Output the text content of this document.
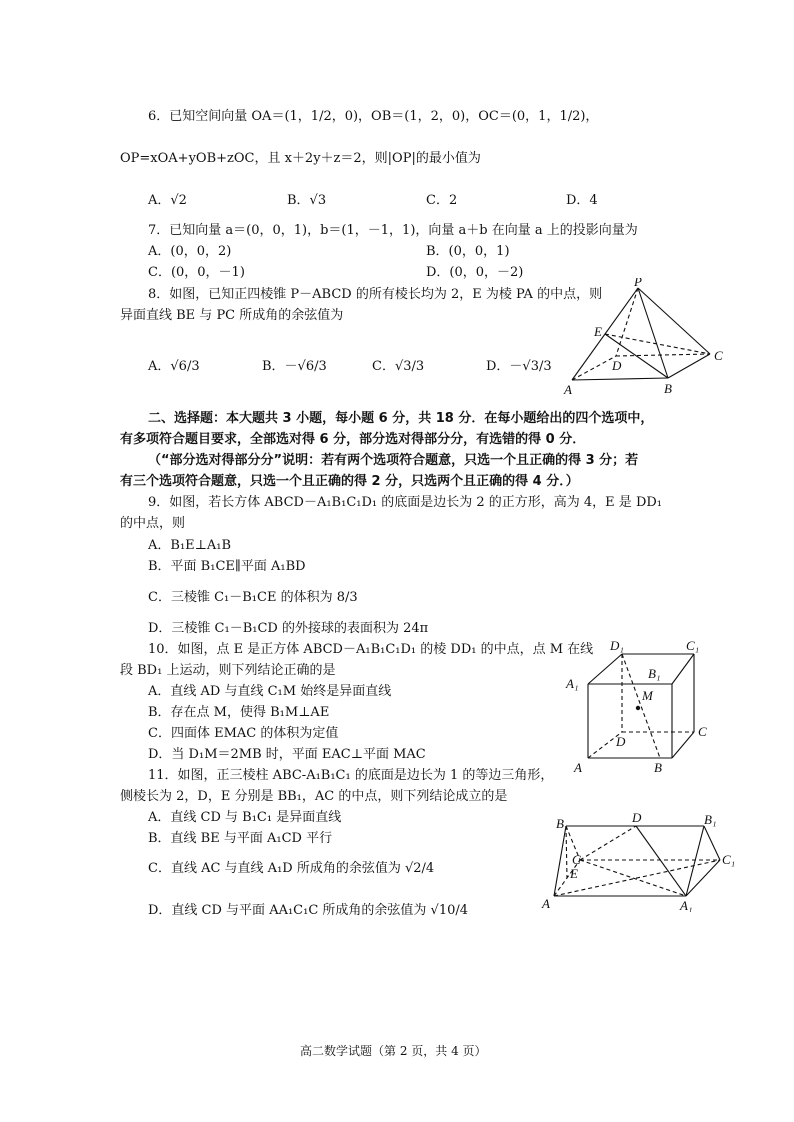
6．已知空间向量 OA＝(1，1/2，0)，OB＝(1，2，0)，OC＝(0，1，1/2)，
OP=xOA+yOB+zOC，且 x＋2y＋z＝2，则|OP|的最小值为
A．√2	B．√3	C．2	D．4
7．已知向量 a＝(0，0，1)，b＝(1，－1，1)，向量 a＋b 在向量 a 上的投影向量为
A．(0，0，2)	B．(0，0，1)
C．(0，0，－1)	D．(0，0，－2)
8．如图，已知正四棱锥 P－ABCD 的所有棱长均为 2，E 为棱 PA 的中点，则
异面直线 BE 与 PC 所成角的余弦值为
A．√6/3	B．－√6/3	C．√3/3	D．－√3/3
P
E
C
D
A	B
二、选择题：本大题共 3 小题，每小题 6 分，共 18 分．在每小题给出的四个选项中，
有多项符合题目要求，全部选对得 6 分，部分选对得部分分，有选错的得 0 分．
（“部分选对得部分分”说明：若有两个选项符合题意，只选一个且正确的得 3 分；若
有三个选项符合题意，只选一个且正确的得 2 分，只选两个且正确的得 4 分．）
9．如图，若长方体 ABCD－A₁B₁C₁D₁ 的底面是边长为 2 的正方形，高为 4，E 是 DD₁
的中点，则
A．B₁E⊥A₁B
B．平面 B₁CE∥平面 A₁BD
C．三棱锥 C₁－B₁CE 的体积为 8/3
D．三棱锥 C₁－B₁CD 的外接球的表面积为 24π
10．如图，点 E 是正方体 ABCD－A₁B₁C₁D₁ 的棱 DD₁ 的中点，点 M 在线
段 BD₁ 上运动，则下列结论正确的是
A．直线 AD 与直线 C₁M 始终是异面直线
B．存在点 M，使得 B₁M⊥AE
C．四面体 EMAC 的体积为定值
D．当 D₁M＝2MB 时，平面 EAC⊥平面 MAC
D₁	C₁
B₁
A₁
M
D
C
A	B
11．如图，正三棱柱 ABC-A₁B₁C₁ 的底面是边长为 1 的等边三角形，
侧棱长为 2，D，E 分别是 BB₁，AC 的中点，则下列结论成立的是
A．直线 CD 与 B₁C₁ 是异面直线
B．直线 BE 与平面 A₁CD 平行
C．直线 AC 与直线 A₁D 所成角的余弦值为 √2/4
D．直线 CD 与平面 AA₁C₁C 所成角的余弦值为 √10/4
B	D	B₁
C
E
C₁
A	A₁
高二数学试题（第 2 页，共 4 页）
